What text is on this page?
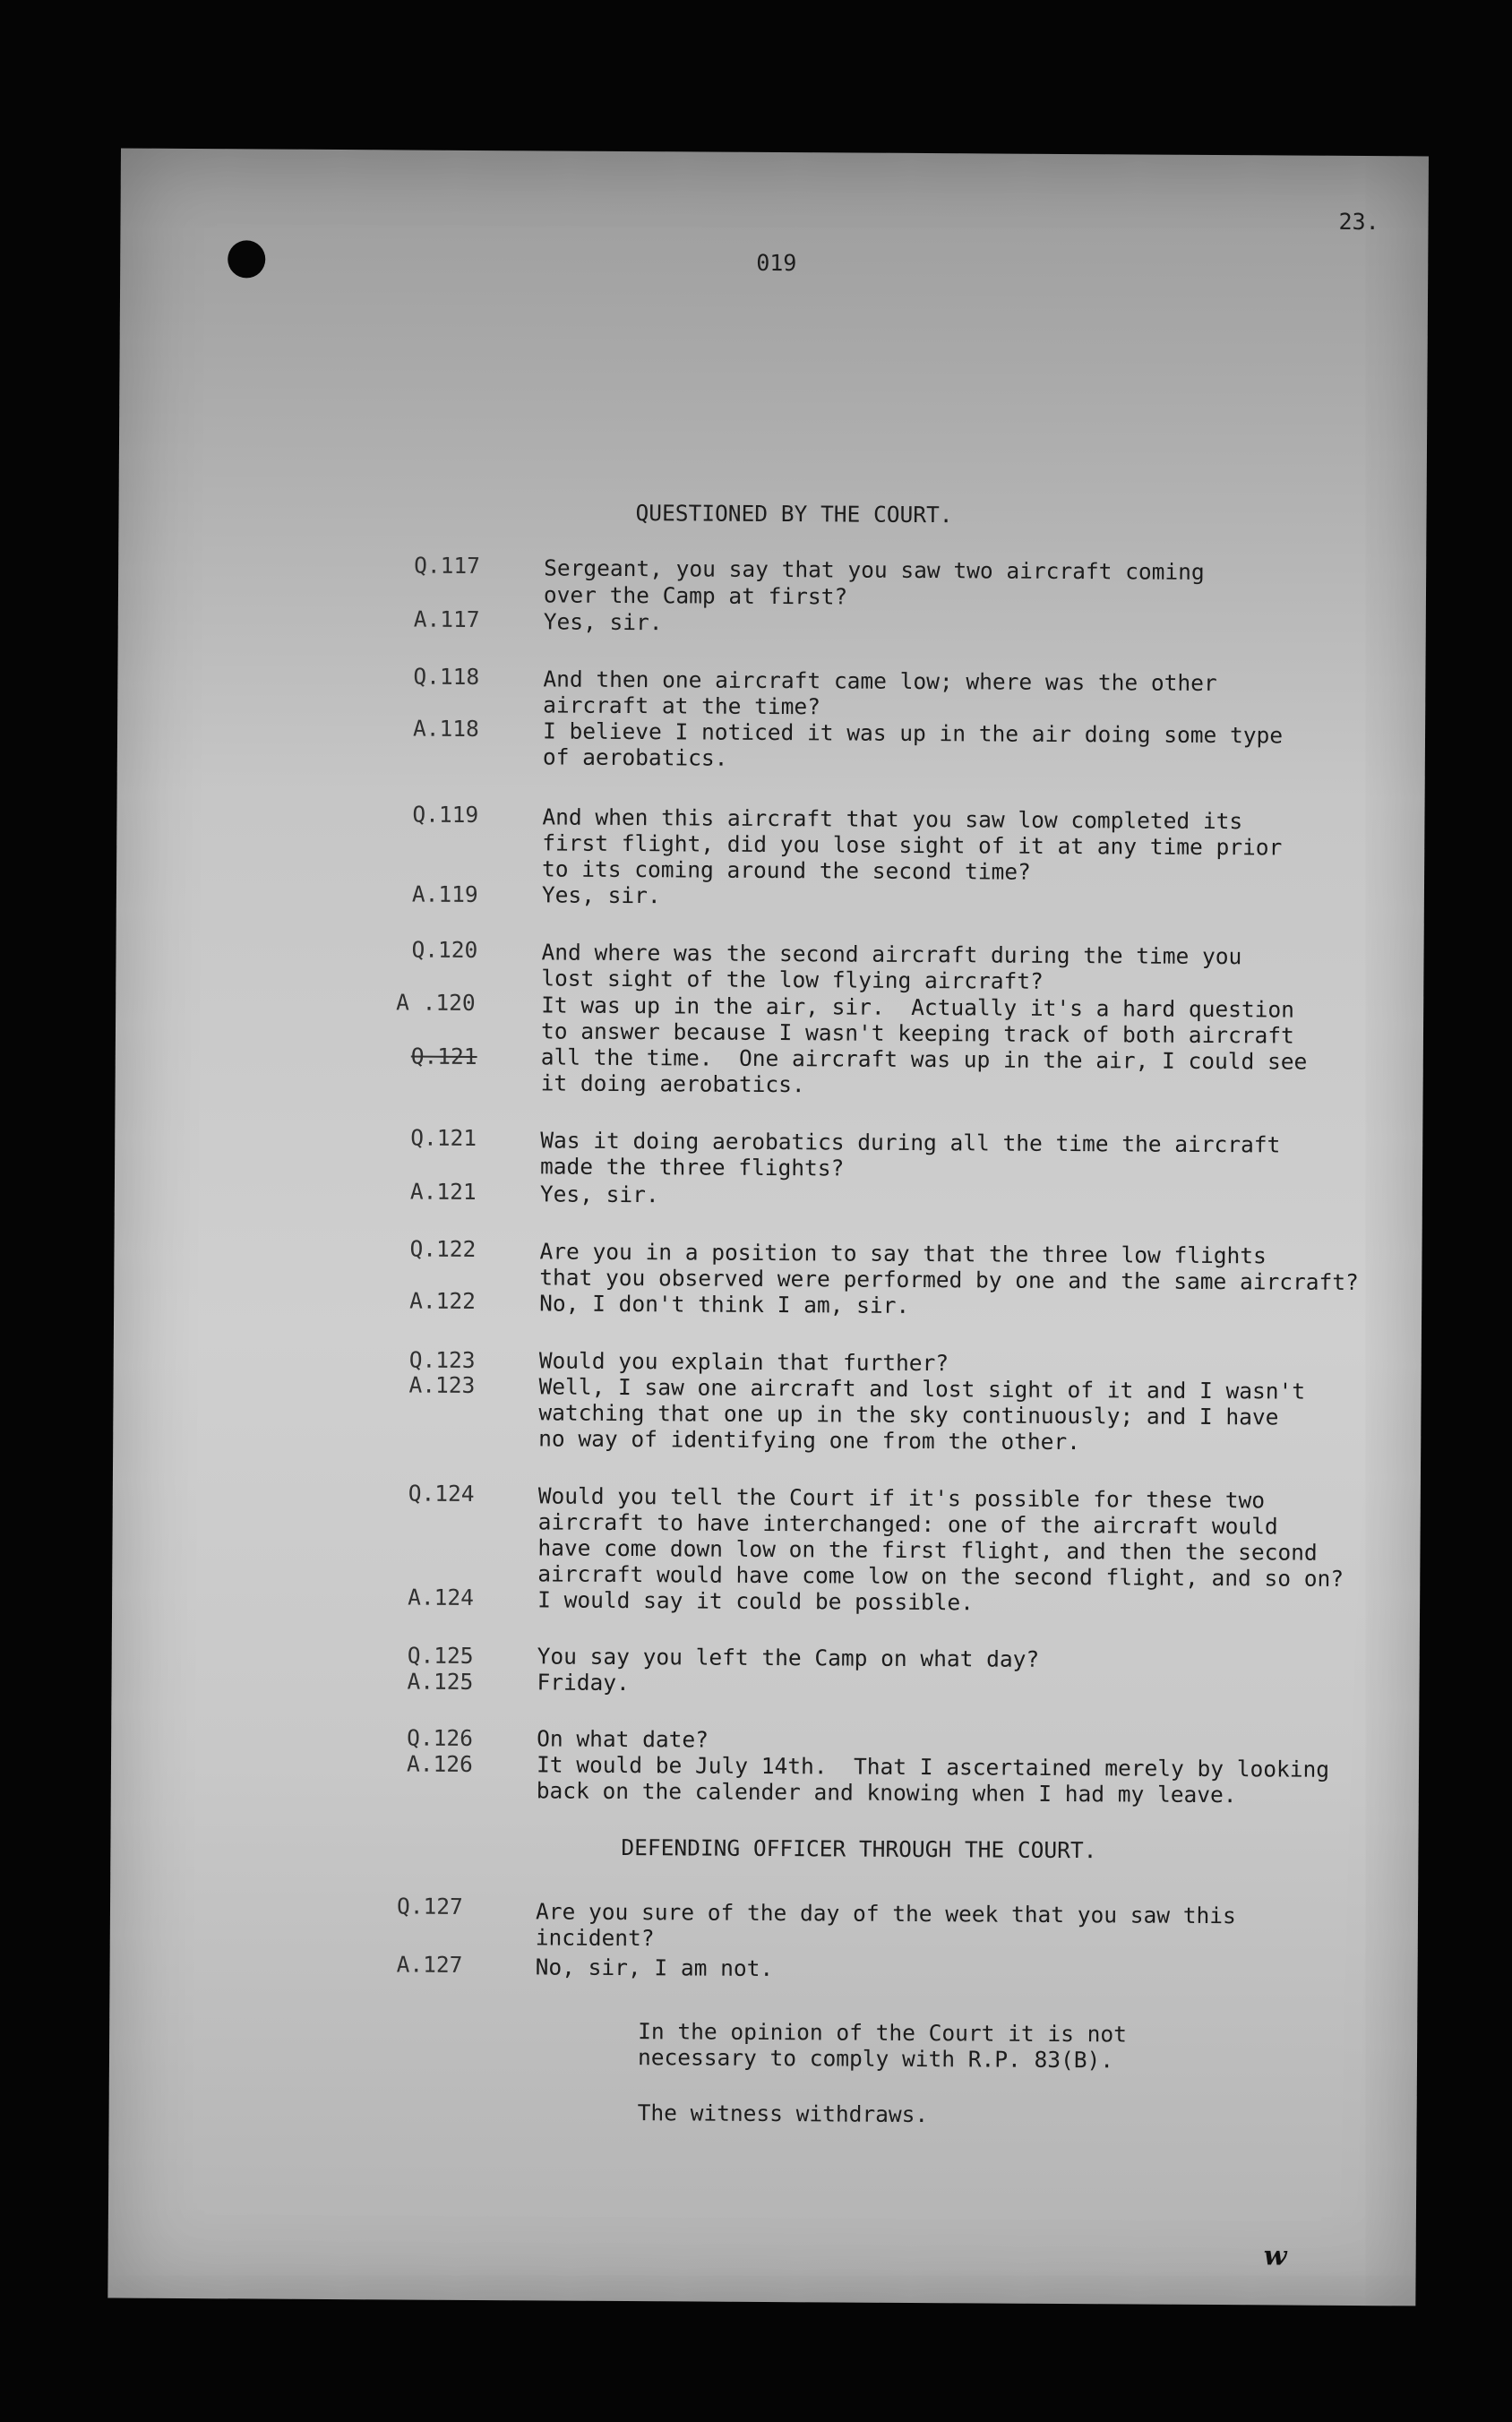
23.
019
QUESTIONED BY THE COURT.
Q.117	Sergeant, you say that you saw two aircraft coming
over the Camp at first?
A.117	Yes, sir.
Q.118	And then one aircraft came low; where was the other
aircraft at the time?
A.118	I believe I noticed it was up in the air doing some type
of aerobatics.
Q.119	And when this aircraft that you saw low completed its
first flight, did you lose sight of it at any time prior
to its coming around the second time?
A.119	Yes, sir.
Q.120	And where was the second aircraft during the time you
lost sight of the low flying aircraft?
A .120	It was up in the air, sir.  Actually it's a hard question
to answer because I wasn't keeping track of both aircraft
Q.121	all the time.  One aircraft was up in the air, I could see
it doing aerobatics.
Q.121	Was it doing aerobatics during all the time the aircraft
made the three flights?
A.121	Yes, sir.
Q.122	Are you in a position to say that the three low flights
that you observed were performed by one and the same aircraft?
A.122	No, I don't think I am, sir.
Q.123	Would you explain that further?
A.123	Well, I saw one aircraft and lost sight of it and I wasn't
watching that one up in the sky continuously; and I have
no way of identifying one from the other.
Q.124	Would you tell the Court if it's possible for these two
aircraft to have interchanged: one of the aircraft would
have come down low on the first flight, and then the second
aircraft would have come low on the second flight, and so on?
A.124	I would say it could be possible.
Q.125	You say you left the Camp on what day?
A.125	Friday.
Q.126	On what date?
A.126	It would be July 14th.  That I ascertained merely by looking
back on the calender and knowing when I had my leave.
DEFENDING OFFICER THROUGH THE COURT.
Q.127	Are you sure of the day of the week that you saw this
incident?
A.127	No, sir, I am not.
In the opinion of the Court it is not
necessary to comply with R.P. 83(B).
The witness withdraws.
w
